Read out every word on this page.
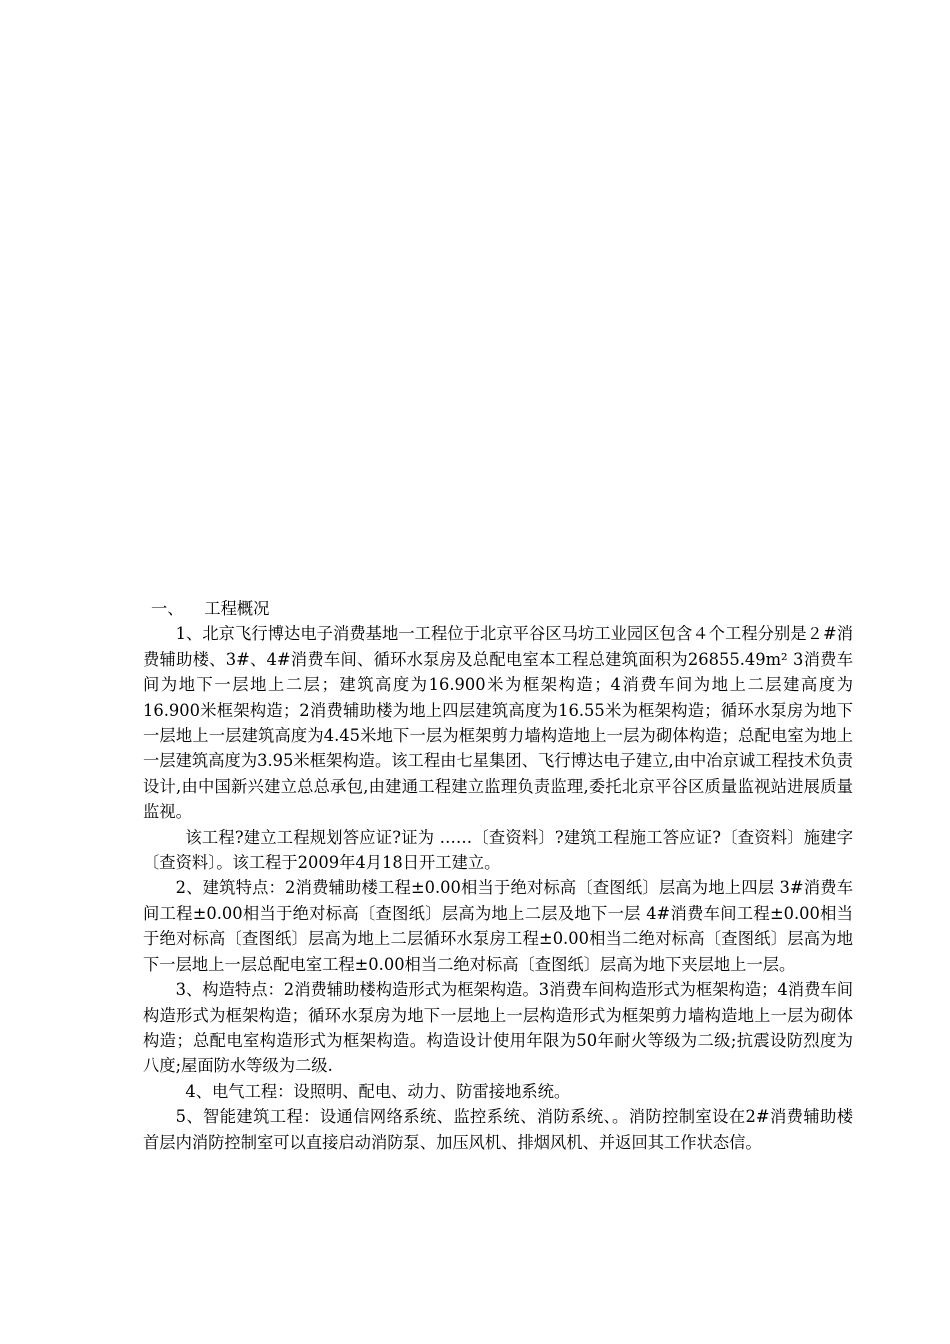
一、 工程概况

1、北京飞行博达电子消费基地一工程位于北京平谷区马坊工业园区包含４个工程分别是２#消费辅助楼、3#、4#消费车间、循环水泵房及总配电室本工程总建筑面积为26855.49m² 3消费车间为地下一层地上二层；建筑高度为16.900米为框架构造；4消费车间为地上二层建高度为16.900米框架构造；2消费辅助楼为地上四层建筑高度为16.55米为框架构造；循环水泵房为地下一层地上一层建筑高度为4.45米地下一层为框架剪力墙构造地上一层为砌体构造；总配电室为地上一层建筑高度为3.95米框架构造。该工程由七星集团、飞行博达电子建立,由中冶京诚工程技术负责设计,由中国新兴建立总总承包,由建通工程建立监理负责监理,委托北京平谷区质量监视站进展质量监视。

该工程?建立工程规划答应证?证为 ……〔查资料〕?建筑工程施工答应证?〔查资料〕施建字〔查资料〕。该工程于2009年4月18日开工建立。

2、建筑特点：2消费辅助楼工程±0.00相当于绝对标高〔查图纸〕层高为地上四层 3#消费车间工程±0.00相当于绝对标高〔查图纸〕层高为地上二层及地下一层 4#消费车间工程±0.00相当于绝对标高〔查图纸〕层高为地上二层循环水泵房工程±0.00相当二绝对标高〔查图纸〕层高为地下一层地上一层总配电室工程±0.00相当二绝对标高〔查图纸〕层高为地下夹层地上一层。

3、构造特点：2消费辅助楼构造形式为框架构造。3消费车间构造形式为框架构造；4消费车间构造形式为框架构造；循环水泵房为地下一层地上一层构造形式为框架剪力墙构造地上一层为砌体构造；总配电室构造形式为框架构造。构造设计使用年限为50年耐火等级为二级;抗震设防烈度为八度;屋面防水等级为二级.

4、电气工程：设照明、配电、动力、防雷接地系统。

5、智能建筑工程：设通信网络系统、监控系统、消防系统、。消防控制室设在2#消费辅助楼首层内消防控制室可以直接启动消防泵、加压风机、排烟风机、并返回其工作状态信。
